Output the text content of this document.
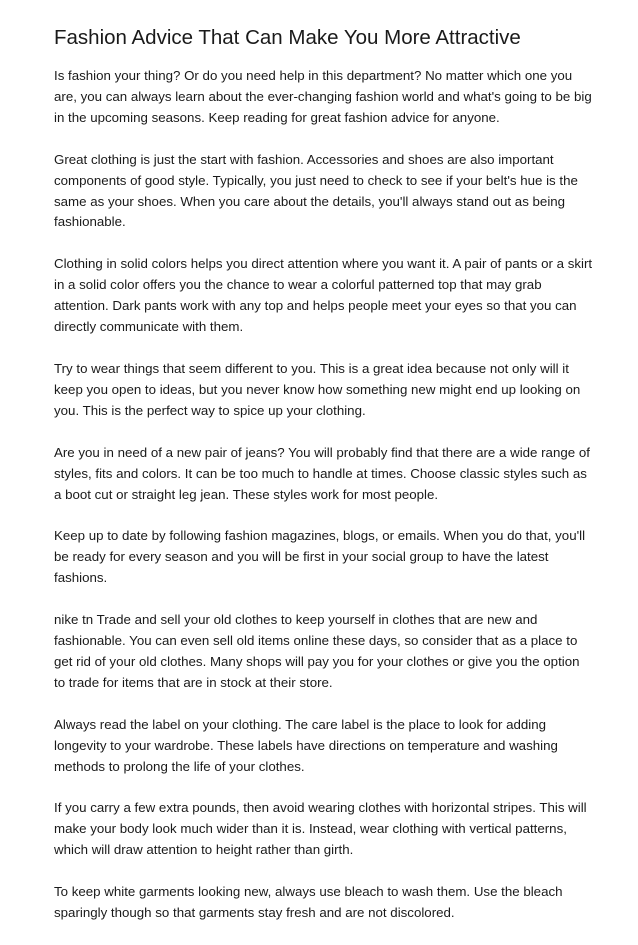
Fashion Advice That Can Make You More Attractive

Is fashion your thing? Or do you need help in this department? No matter which one you are, you can always learn about the ever-changing fashion world and what's going to be big in the upcoming seasons. Keep reading for great fashion advice for anyone.

Great clothing is just the start with fashion. Accessories and shoes are also important components of good style. Typically, you just need to check to see if your belt's hue is the same as your shoes. When you care about the details, you'll always stand out as being fashionable.

Clothing in solid colors helps you direct attention where you want it. A pair of pants or a skirt in a solid color offers you the chance to wear a colorful patterned top that may grab attention. Dark pants work with any top and helps people meet your eyes so that you can directly communicate with them.

Try to wear things that seem different to you. This is a great idea because not only will it keep you open to ideas, but you never know how something new might end up looking on you. This is the perfect way to spice up your clothing.

Are you in need of a new pair of jeans? You will probably find that there are a wide range of styles, fits and colors. It can be too much to handle at times. Choose classic styles such as a boot cut or straight leg jean. These styles work for most people.

Keep up to date by following fashion magazines, blogs, or emails. When you do that, you'll be ready for every season and you will be first in your social group to have the latest fashions.

nike tn Trade and sell your old clothes to keep yourself in clothes that are new and fashionable. You can even sell old items online these days, so consider that as a place to get rid of your old clothes. Many shops will pay you for your clothes or give you the option to trade for items that are in stock at their store.

Always read the label on your clothing. The care label is the place to look for adding longevity to your wardrobe. These labels have directions on temperature and washing methods to prolong the life of your clothes.

If you carry a few extra pounds, then avoid wearing clothes with horizontal stripes. This will make your body look much wider than it is. Instead, wear clothing with vertical patterns, which will draw attention to height rather than girth.

To keep white garments looking new, always use bleach to wash them. Use the bleach sparingly though so that garments stay fresh and are not discolored.
